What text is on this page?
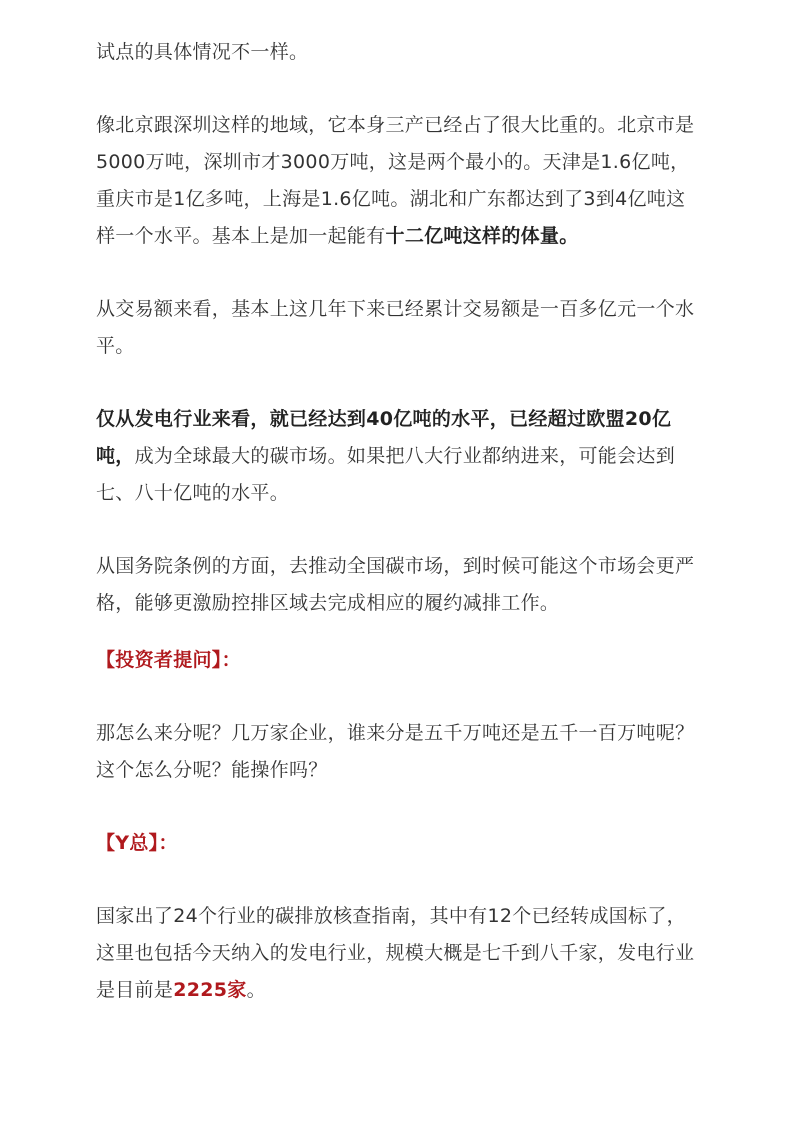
试点的具体情况不一样。

像北京跟深圳这样的地域，它本身三产已经占了很大比重的。北京市是5000万吨，深圳市才3000万吨，这是两个最小的。天津是1.6亿吨，重庆市是1亿多吨，上海是1.6亿吨。湖北和广东都达到了3到4亿吨这样一个水平。基本上是加一起能有十二亿吨这样的体量。

从交易额来看，基本上这几年下来已经累计交易额是一百多亿元一个水平。

仅从发电行业来看，就已经达到40亿吨的水平，已经超过欧盟20亿吨，成为全球最大的碳市场。如果把八大行业都纳进来，可能会达到七、八十亿吨的水平。

从国务院条例的方面，去推动全国碳市场，到时候可能这个市场会更严格，能够更激励控排区域去完成相应的履约减排工作。

【投资者提问】：

那怎么来分呢？几万家企业，谁来分是五千万吨还是五千一百万吨呢？这个怎么分呢？能操作吗？

【Y总】：

国家出了24个行业的碳排放核查指南，其中有12个已经转成国标了，这里也包括今天纳入的发电行业，规模大概是七千到八千家，发电行业是目前是2225家。
